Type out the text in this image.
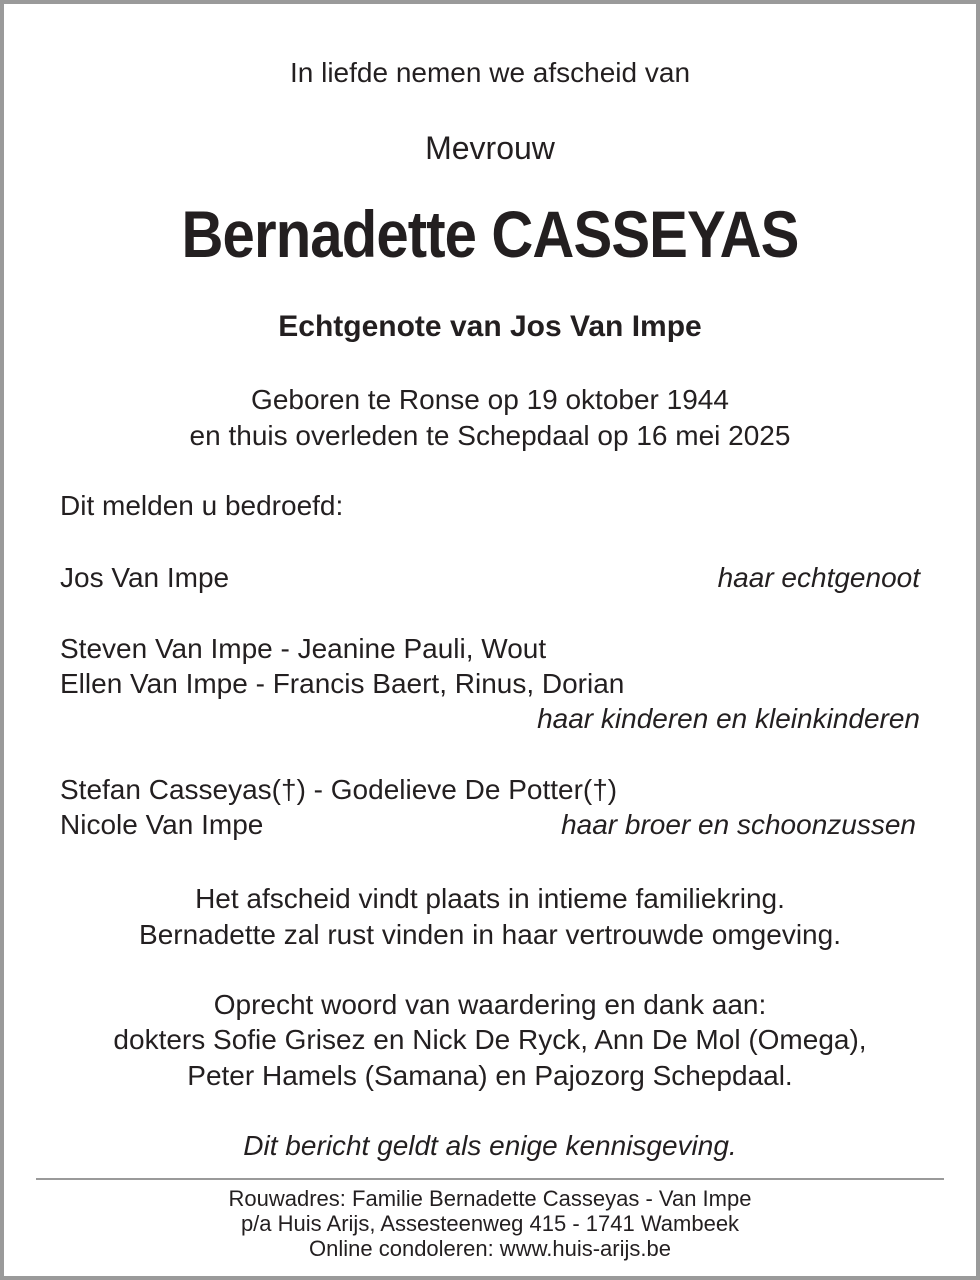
In liefde nemen we afscheid van
Mevrouw
Bernadette CASSEYAS
Echtgenote van Jos Van Impe
Geboren te Ronse op 19 oktober 1944
en thuis overleden te Schepdaal op 16 mei 2025
Dit melden u bedroefd:
Jos Van Impe	haar echtgenoot
Steven Van Impe - Jeanine Pauli, Wout
Ellen Van Impe - Francis Baert, Rinus, Dorian
haar kinderen en kleinkinderen
Stefan Casseyas(†) - Godelieve De Potter(†)
Nicole Van Impe	haar broer en schoonzussen
Het afscheid vindt plaats in intieme familiekring.
Bernadette zal rust vinden in haar vertrouwde omgeving.
Oprecht woord van waardering en dank aan:
dokters Sofie Grisez en Nick De Ryck, Ann De Mol (Omega),
Peter Hamels (Samana) en Pajozorg Schepdaal.
Dit bericht geldt als enige kennisgeving.
Rouwadres: Familie Bernadette Casseyas - Van Impe
p/a Huis Arijs, Assesteenweg 415 - 1741 Wambeek
Online condoleren: www.huis-arijs.be
